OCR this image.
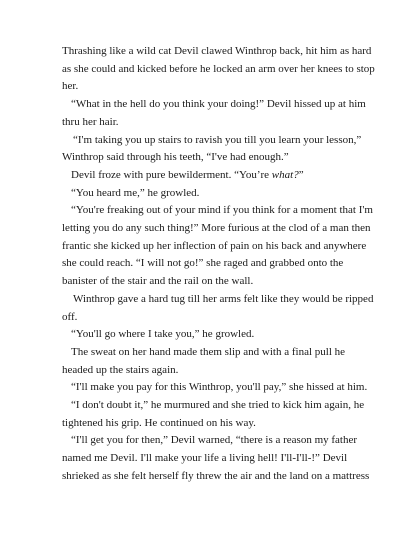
Thrashing like a wild cat Devil clawed Winthrop back, hit him as hard
as she could and kicked before he locked an arm over her knees to stop
her.

“What in the hell do you think your doing!” Devil hissed up at him
thru her hair.

“I'm taking you up stairs to ravish you till you learn your lesson,”
Winthrop said through his teeth, “I've had enough.”

Devil froze with pure bewilderment. “You’re what?”

“You heard me,” he growled.

“You're freaking out of your mind if you think for a moment that I'm
letting you do any such thing!” More furious at the clod of a man then
frantic she kicked up her inflection of pain on his back and anywhere
she could reach. “I will not go!” she raged and grabbed onto the
banister of the stair and the rail on the wall.

Winthrop gave a hard tug till her arms felt like they would be ripped
off.

“You'll go where I take you,” he growled.

The sweat on her hand made them slip and with a final pull he
headed up the stairs again.

“I'll make you pay for this Winthrop, you'll pay,” she hissed at him.

“I don't doubt it,” he murmured and she tried to kick him again, he
tightened his grip. He continued on his way.

“I'll get you for then,” Devil warned, “there is a reason my father
named me Devil. I'll make your life a living hell! I'll-I'll-!” Devil
shrieked as she felt herself fly threw the air and the land on a mattress
